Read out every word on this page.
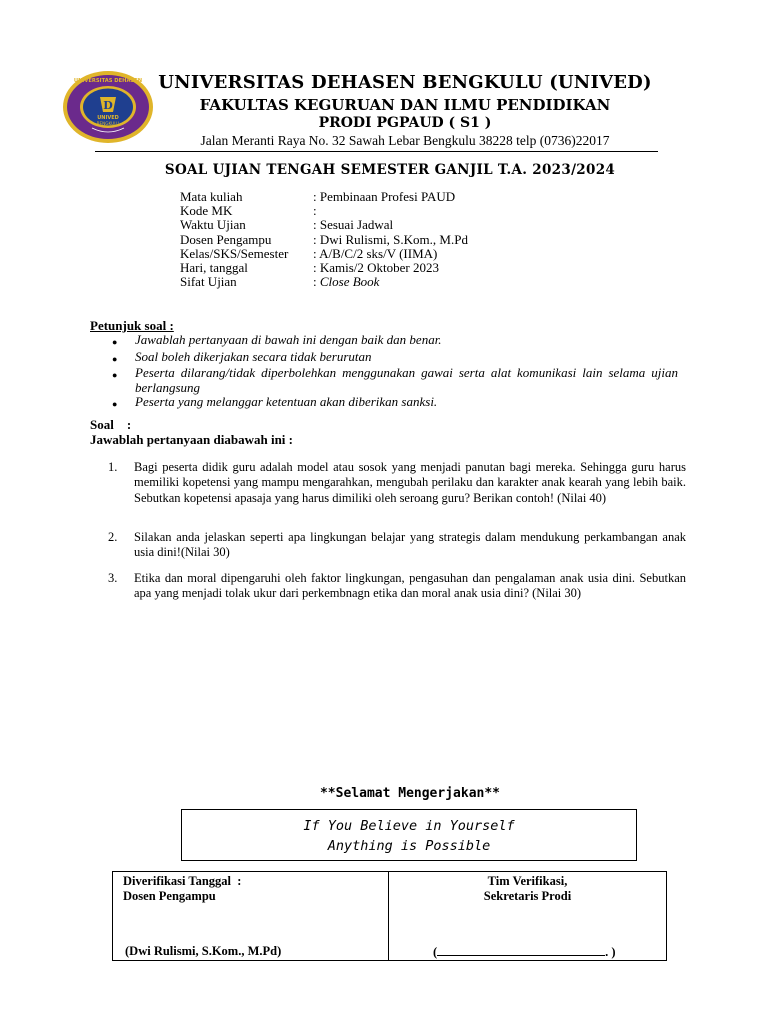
D
UNIVERSITAS DEHASEN
UNIVED
BENGKULU
UNIVERSITAS DEHASEN BENGKULU (UNIVED)
FAKULTAS KEGURUAN DAN ILMU PENDIDIKAN
PRODI PGPAUD ( S1 )
Jalan Meranti Raya No. 32 Sawah Lebar Bengkulu 38228 telp (0736)22017
SOAL UJIAN TENGAH SEMESTER GANJIL T.A. 2023/2024
Mata kuliah	: Pembinaan Profesi PAUD
Kode MK	:
Waktu Ujian	: Sesuai Jadwal
Dosen Pengampu	: Dwi Rulismi, S.Kom., M.Pd
Kelas/SKS/Semester	: A/B/C/2 sks/V (IIMA)
Hari, tanggal	: Kamis/2 Oktober 2023
Sifat Ujian	: Close Book
Petunjuk soal :
●	Jawablah pertanyaan di bawah ini dengan baik dan benar.
●	Soal boleh dikerjakan secara tidak berurutan
●	Peserta dilarang/tidak diperbolehkan menggunakan gawai serta alat komunikasi lain selama ujian berlangsung
●	Peserta yang melanggar ketentuan akan diberikan sanksi.
Soal    :
Jawablah pertanyaan diabawah ini :
1.	Bagi peserta didik guru adalah model atau sosok yang menjadi panutan bagi mereka. Sehingga guru harus memiliki kopetensi yang mampu mengarahkan, mengubah perilaku dan karakter anak kearah yang lebih baik. Sebutkan kopetensi apasaja yang harus dimiliki oleh seroang guru? Berikan contoh! (Nilai 40)
2.	Silakan anda jelaskan seperti apa lingkungan belajar yang strategis dalam mendukung perkambangan anak usia dini!(Nilai 30)
3.	Etika dan moral dipengaruhi oleh faktor lingkungan, pengasuhan dan pengalaman anak usia dini. Sebutkan apa yang menjadi tolak ukur dari perkembnagn etika dan moral anak usia dini? (Nilai 30)
**Selamat Mengerjakan**
If You Believe in Yourself
Anything is Possible
Diverifikasi Tanggal  :
Dosen Pengampu
(Dwi Rulismi, S.Kom., M.Pd)
Tim Verifikasi,
Sekretaris Prodi
(	. )
